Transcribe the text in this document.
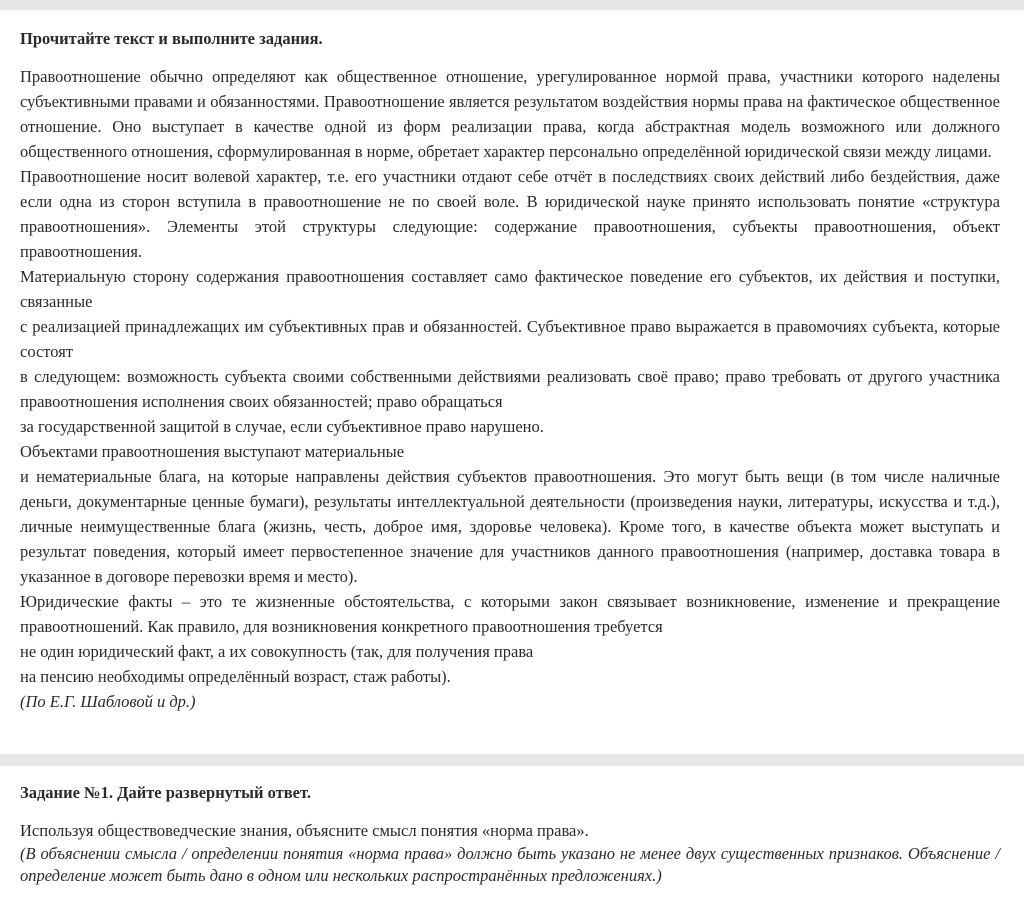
Прочитайте текст и выполните задания.

Правоотношение обычно определяют как общественное отношение, урегулированное нормой права, участники которого наделены субъективными правами и обязанностями. Правоотношение является результатом воздействия нормы права на фактическое общественное отношение. Оно выступает в качестве одной из форм реализации права, когда абстрактная модель возможного или должного общественного отношения, сформулированная в норме, обретает характер персонально определённой юридической связи между лицами.

Правоотношение носит волевой характер, т.е. его участники отдают себе отчёт в последствиях своих действий либо бездействия, даже если одна из сторон вступила в правоотношение не по своей воле. В юридической науке принято использовать понятие «структура правоотношения». Элементы этой структуры следующие: содержание правоотношения, субъекты правоотношения, объект правоотношения.

Материальную сторону содержания правоотношения составляет само фактическое поведение его субъектов, их действия и поступки, связанные

с реализацией принадлежащих им субъективных прав и обязанностей. Субъективное право выражается в правомочиях субъекта, которые состоят

в следующем: возможность субъекта своими собственными действиями реализовать своё право; право требовать от другого участника правоотношения исполнения своих обязанностей; право обращаться

за государственной защитой в случае, если субъективное право нарушено.

Объектами правоотношения выступают материальные

и нематериальные блага, на которые направлены действия субъектов правоотношения. Это могут быть вещи (в том числе наличные деньги, документарные ценные бумаги), результаты интеллектуальной деятельности (произведения науки, литературы, искусства и т.д.), личные неимущественные блага (жизнь, честь, доброе имя, здоровье человека). Кроме того, в качестве объекта может выступать и результат поведения, который имеет первостепенное значение для участников данного правоотношения (например, доставка товара в указанное в договоре перевозки время и место).

Юридические факты – это те жизненные обстоятельства, с которыми закон связывает возникновение, изменение и прекращение правоотношений. Как правило, для возникновения конкретного правоотношения требуется

не один юридический факт, а их совокупность (так, для получения права

на пенсию необходимы определённый возраст, стаж работы).

(По Е.Г. Шабловой и др.)

Задание №1. Дайте развернутый ответ.

Используя обществоведческие знания, объясните смысл понятия «норма права».

(В объяснении смысла / определении понятия «норма права» должно быть указано не менее двух существенных признаков. Объяснение / определение может быть дано в одном или нескольких распространённых предложениях.)
